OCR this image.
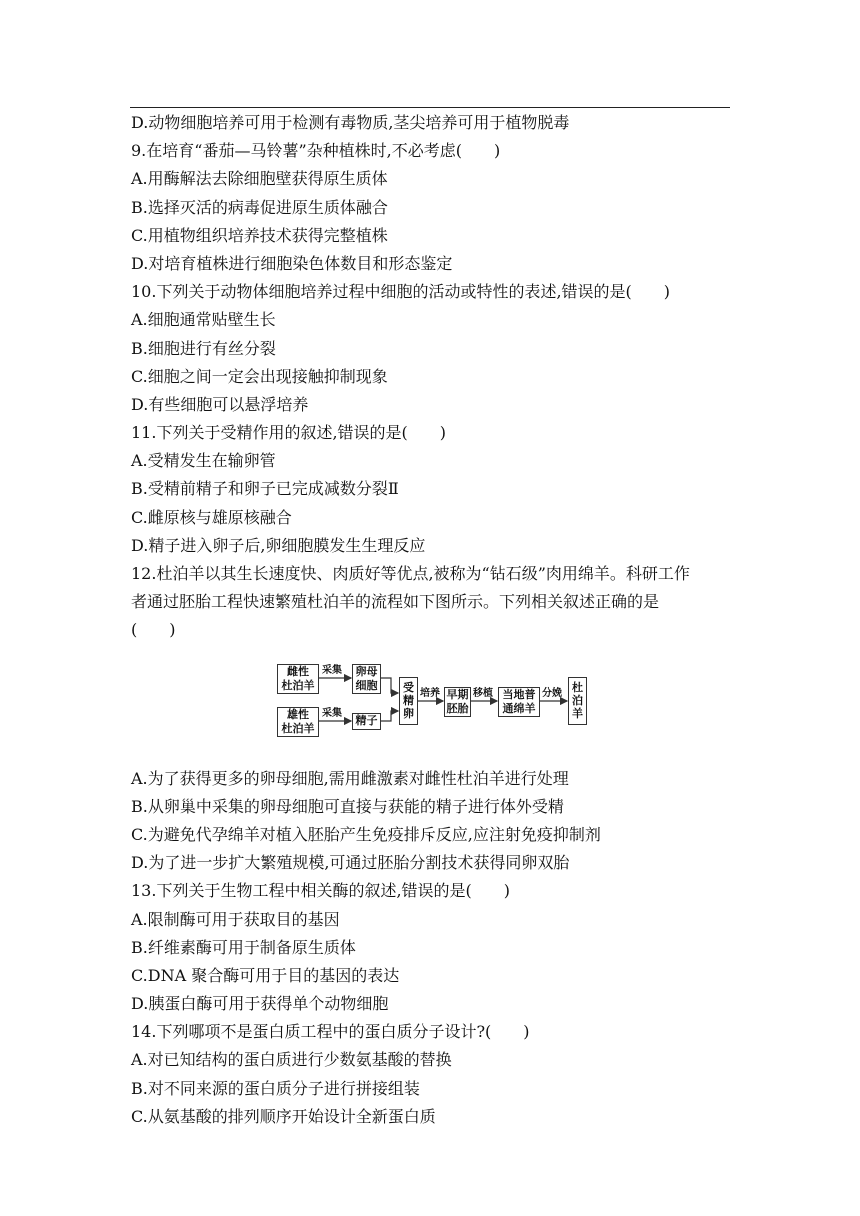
D.动物细胞培养可用于检测有毒物质,茎尖培养可用于植物脱毒
9.在培育“番茄—马铃薯”杂种植株时,不必考虑(　　)
A.用酶解法去除细胞壁获得原生质体
B.选择灭活的病毒促进原生质体融合
C.用植物组织培养技术获得完整植株
D.对培育植株进行细胞染色体数目和形态鉴定
10.下列关于动物体细胞培养过程中细胞的活动或特性的表述,错误的是(　　)
A.细胞通常贴壁生长
B.细胞进行有丝分裂
C.细胞之间一定会出现接触抑制现象
D.有些细胞可以悬浮培养
11.下列关于受精作用的叙述,错误的是(　　)
A.受精发生在输卵管
B.受精前精子和卵子已完成减数分裂Ⅱ
C.雌原核与雄原核融合
D.精子进入卵子后,卵细胞膜发生生理反应
12.杜泊羊以其生长速度快、肉质好等优点,被称为“钻石级”肉用绵羊。科研工作
者通过胚胎工程快速繁殖杜泊羊的流程如下图所示。下列相关叙述正确的是
(　　)
雌性
杜泊羊
雄性
杜泊羊
采集
采集
卵母
细胞
精子
受
精
卵
培养 早期
胚胎
移植 当地普
通绵羊
分娩 杜
泊
羊
A.为了获得更多的卵母细胞,需用雌激素对雌性杜泊羊进行处理
B.从卵巢中采集的卵母细胞可直接与获能的精子进行体外受精
C.为避免代孕绵羊对植入胚胎产生免疫排斥反应,应注射免疫抑制剂
D.为了进一步扩大繁殖规模,可通过胚胎分割技术获得同卵双胎
13.下列关于生物工程中相关酶的叙述,错误的是(　　)
A.限制酶可用于获取目的基因
B.纤维素酶可用于制备原生质体
C.DNA 聚合酶可用于目的基因的表达
D.胰蛋白酶可用于获得单个动物细胞
14.下列哪项不是蛋白质工程中的蛋白质分子设计?(　　)
A.对已知结构的蛋白质进行少数氨基酸的替换
B.对不同来源的蛋白质分子进行拼接组装
C.从氨基酸的排列顺序开始设计全新蛋白质
